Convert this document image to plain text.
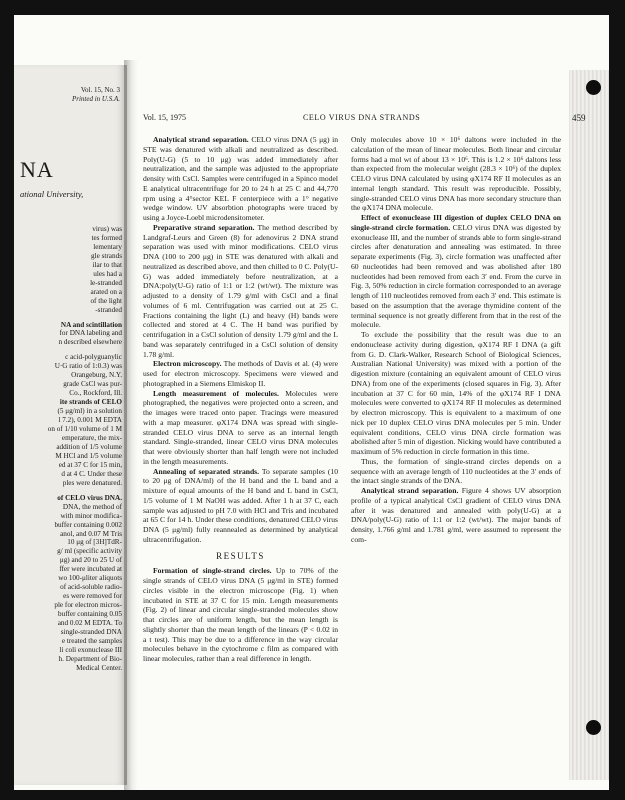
Vol. 15, No. 3
Printed in U.S.A.
NA
ational University,
virus) was
tes formed
lementary
gle strands
ilar to that
ules had a
le-stranded
arated on a
of the light
-stranded
NA and scintillation
for DNA labeling and
n described elsewhere
c acid-polyguanylic
U·G ratio of 1:0.3) was
Orangeburg, N.Y.
grade CsCl was pur-
Co., Rockford, Ill.
ite strands of CELO
(5 μg/ml) in a solution
l 7.2), 0.001 M EDTA
on of 1/10 volume of 1 M
emperature, the mix-
addition of 1/5 volume
M HCl and 1/5 volume
ed at 37 C for 15 min,
d at 4 C. Under these
ples were denatured.
of CELO virus DNA.
DNA, the method of
with minor modifica-
buffer containing 0.002
anol, and 0.07 M Tris
10 μg of [3H]TdR-
g/ ml (specific activity
μg) and 20 to 25 U of
ffer were incubated at
wo 100-μliter aliquots
of acid-soluble radio-
es were removed for
ple for electron micros-
buffer containing 0.05
and 0.02 M EDTA. To
single-stranded DNA
e treated the samples
li coli exonuclease III
h. Department of Bio-
Medical Center.
Vol. 15, 1975	CELO VIRUS DNA STRANDS	459

Analytical strand separation. CELO virus DNA (5 μg) in STE was denatured with alkali and neutralized as described. Poly(U-G) (5 to 10 μg) was added immediately after neutralization, and the sample was adjusted to the appropriate density with CsCl. Samples were centrifuged in a Spinco model E analytical ultracentrifuge for 20 to 24 h at 25 C and 44,770 rpm using a 4°sector KEL F centerpiece with a 1° negative wedge window. UV absorbtion photographs were traced by using a Joyce-Loebl microdensitometer.

Preparative strand separation. The method described by Landgraf-Leurs and Green (8) for adenovirus 2 DNA strand separation was used with minor modifications. CELO virus DNA (100 to 200 μg) in STE was denatured with alkali and neutralized as described above, and then chilled to 0 C. Poly(U-G) was added immediately before neutralization, at a DNA:poly(U-G) ratio of 1:1 or 1:2 (wt/wt). The mixture was adjusted to a density of 1.79 g/ml with CsCl and a final volumes of 6 ml. Centrifugation was carried out at 25 C. Fractions containing the light (L) and heavy (H) bands were collected and stored at 4 C. The H band was purified by centrifugation in a CsCl solution of density 1.79 g/ml and the L band was separately centrifuged in a CsCl solution of density 1.78 g/ml.

Electron microscopy. The methods of Davis et al. (4) were used for electron microscopy. Specimens were viewed and photographed in a Siemens Elmiskop II.

Length measurement of molecules. Molecules were photographed, the negatives were projected onto a screen, and the images were traced onto paper. Tracings were measured with a map measurer. φX174 DNA was spread with single-stranded CELO virus DNA to serve as an internal length standard. Single-stranded, linear CELO virus DNA molecules that were obviously shorter than half length were not included in the length measurements.

Annealing of separated strands. To separate samples (10 to 20 μg of DNA/ml) of the H band and the L band and a mixture of equal amounts of the H band and L band in CsCl, 1/5 volume of 1 M NaOH was added. After 1 h at 37 C, each sample was adjusted to pH 7.0 with HCl and Tris and incubated at 65 C for 14 h. Under these conditions, denatured CELO virus DNA (5 μg/ml) fully reannealed as determined by analytical ultracentrifugation.

RESULTS

Formation of single-strand circles. Up to 70% of the single strands of CELO virus DNA (5 μg/ml in STE) formed circles visible in the electron microscope (Fig. 1) when incubated in STE at 37 C for 15 min. Length measurements (Fig. 2) of linear and circular single-stranded molecules show that circles are of uniform length, but the mean length is slightly shorter than the mean length of the linears (P < 0.02 in a t test). This may be due to a difference in the way circular molecules behave in the cytochrome c film as compared with linear molecules, rather than a real difference in length.

Only molecules above 10 × 10⁶ daltons were included in the calculation of the mean of linear molecules. Both linear and circular forms had a mol wt of about 13 × 10⁶. This is 1.2 × 10⁶ daltons less than expected from the molecular weight (28.3 × 10⁶) of the duplex CELO virus DNA calculated by using φX174 RF II molecules as an internal length standard. This result was reproducible. Possibly, single-stranded CELO virus DNA has more secondary structure than the φX174 DNA molecule.

Effect of exonuclease III digestion of duplex CELO DNA on single-strand circle formation. CELO virus DNA was digested by exonuclease III, and the number of strands able to form single-strand circles after denaturation and annealing was estimated. In three separate experiments (Fig. 3), circle formation was unaffected after 60 nucleotides had been removed and was abolished after 180 nucleotides had been removed from each 3′ end. From the curve in Fig. 3, 50% reduction in circle formation corresponded to an average length of 110 nucleotides removed from each 3′ end. This estimate is based on the assumption that the average thymidine content of the terminal sequence is not greatly different from that in the rest of the molecule.

To exclude the possibility that the result was due to an endonuclease activity during digestion, φX174 RF I DNA (a gift from G. D. Clark-Walker, Research School of Biological Sciences, Australian National University) was mixed with a portion of the digestion mixture (containing an equivalent amount of CELO virus DNA) from one of the experiments (closed squares in Fig. 3). After incubation at 37 C for 60 min, 14% of the φX174 RF I DNA molecules were converted to φX174 RF II molecules as determined by electron microscopy. This is equivalent to a maximum of one nick per 10 duplex CELO virus DNA molecules per 5 min. Under equivalent conditions, CELO virus DNA circle formation was abolished after 5 min of digestion. Nicking would have contributed a maximum of 5% reduction in circle formation in this time.

Thus, the formation of single-strand circles depends on a sequence with an average length of 110 nucleotides at the 3′ ends of the intact single strands of the DNA.

Analytical strand separation. Figure 4 shows UV absorption profile of a typical analytical CsCl gradient of CELO virus DNA after it was denatured and annealed with poly(U-G) at a DNA/poly(U-G) ratio of 1:1 or 1:2 (wt/wt). The major bands of density, 1.766 g/ml and 1.781 g/ml, were assumed to represent the com-
